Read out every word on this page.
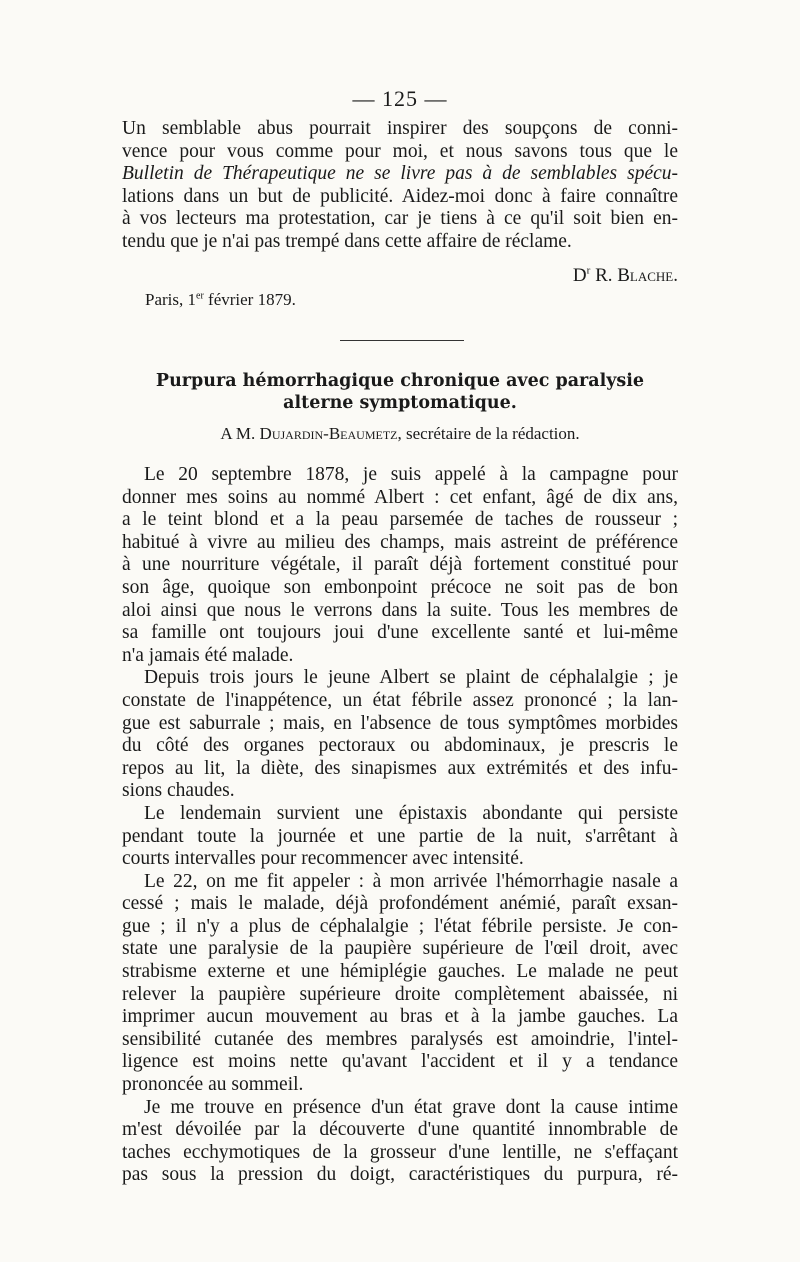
— 125 —
Un semblable abus pourrait inspirer des soupçons de conni-
vence pour vous comme pour moi, et nous savons tous que le
Bulletin de Thérapeutique ne se livre pas à de semblables spécu-
lations dans un but de publicité. Aidez-moi donc à faire connaître
à vos lecteurs ma protestation, car je tiens à ce qu'il soit bien en-
tendu que je n'ai pas trempé dans cette affaire de réclame.
$D^r$ R. Blache.
Paris, 1er février 1879.
Purpura hémorrhagique chronique avec paralysie
alterne symptomatique.
A M. Dujardin-Beaumetz, secrétaire de la rédaction.

Le 20 septembre 1878, je suis appelé à la campagne pour
donner mes soins au nommé Albert : cet enfant, âgé de dix ans,
a le teint blond et a la peau parsemée de taches de rousseur ;
habitué à vivre au milieu des champs, mais astreint de préférence
à une nourriture végétale, il paraît déjà fortement constitué pour
son âge, quoique son embonpoint précoce ne soit pas de bon
aloi ainsi que nous le verrons dans la suite. Tous les membres de
sa famille ont toujours joui d'une excellente santé et lui-même
n'a jamais été malade.

Depuis trois jours le jeune Albert se plaint de céphalalgie ; je
constate de l'inappétence, un état fébrile assez prononcé ; la lan-
gue est saburrale ; mais, en l'absence de tous symptômes morbides
du côté des organes pectoraux ou abdominaux, je prescris le
repos au lit, la diète, des sinapismes aux extrémités et des infu-
sions chaudes.

Le lendemain survient une épistaxis abondante qui persiste
pendant toute la journée et une partie de la nuit, s'arrêtant à
courts intervalles pour recommencer avec intensité.

Le 22, on me fit appeler : à mon arrivée l'hémorrhagie nasale a
cessé ; mais le malade, déjà profondément anémié, paraît exsan-
gue ; il n'y a plus de céphalalgie ; l'état fébrile persiste. Je con-
state une paralysie de la paupière supérieure de l'œil droit, avec
strabisme externe et une hémiplégie gauches. Le malade ne peut
relever la paupière supérieure droite complètement abaissée, ni
imprimer aucun mouvement au bras et à la jambe gauches. La
sensibilité cutanée des membres paralysés est amoindrie, l'intel-
ligence est moins nette qu'avant l'accident et il y a tendance
prononcée au sommeil.

Je me trouve en présence d'un état grave dont la cause intime
m'est dévoilée par la découverte d'une quantité innombrable de
taches ecchymotiques de la grosseur d'une lentille, ne s'effaçant
pas sous la pression du doigt, caractéristiques du purpura, ré-
